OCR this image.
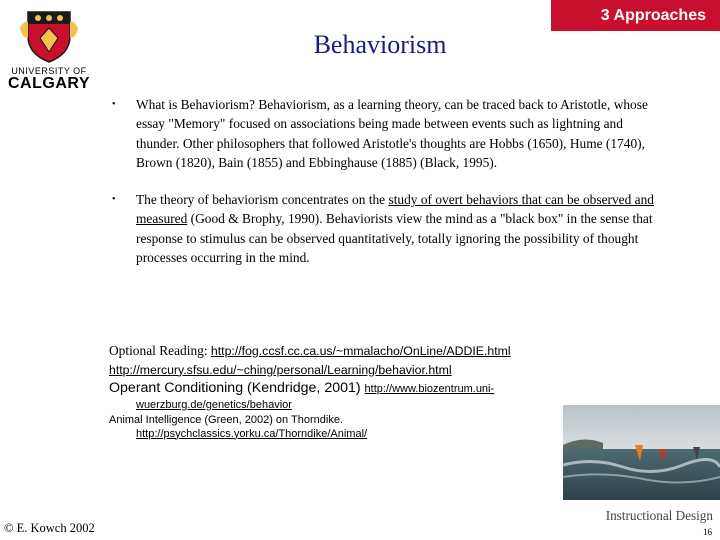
3 Approaches
Behaviorism
UNIVERSITY OF
CALGARY
•	What is Behaviorism? Behaviorism, as a learning theory, can be traced back to Aristotle, whose essay "Memory" focused on associations being made between events such as lightning and thunder. Other philosophers that followed Aristotle's thoughts are Hobbs (1650), Hume (1740), Brown (1820), Bain (1855) and Ebbinghause (1885) (Black, 1995).
•	The theory of behaviorism concentrates on the study of overt behaviors that can be observed and measured (Good & Brophy, 1990). Behaviorists view the mind as a "black box" in the sense that response to stimulus can be observed quantitatively, totally ignoring the possibility of thought processes occurring in the mind.
Optional Reading: http://fog.ccsf.cc.ca.us/~mmalacho/OnLine/ADDIE.html
http://mercury.sfsu.edu/~ching/personal/Learning/behavior.html
Operant Conditioning (Kendridge, 2001) http://www.biozentrum.uni-
wuerzburg.de/genetics/behavior
Animal Intelligence (Green, 2002) on Thorndike.
http://psychclassics.yorku.ca/Thorndike/Animal/
© E. Kowch 2002
Instructional Design
16
